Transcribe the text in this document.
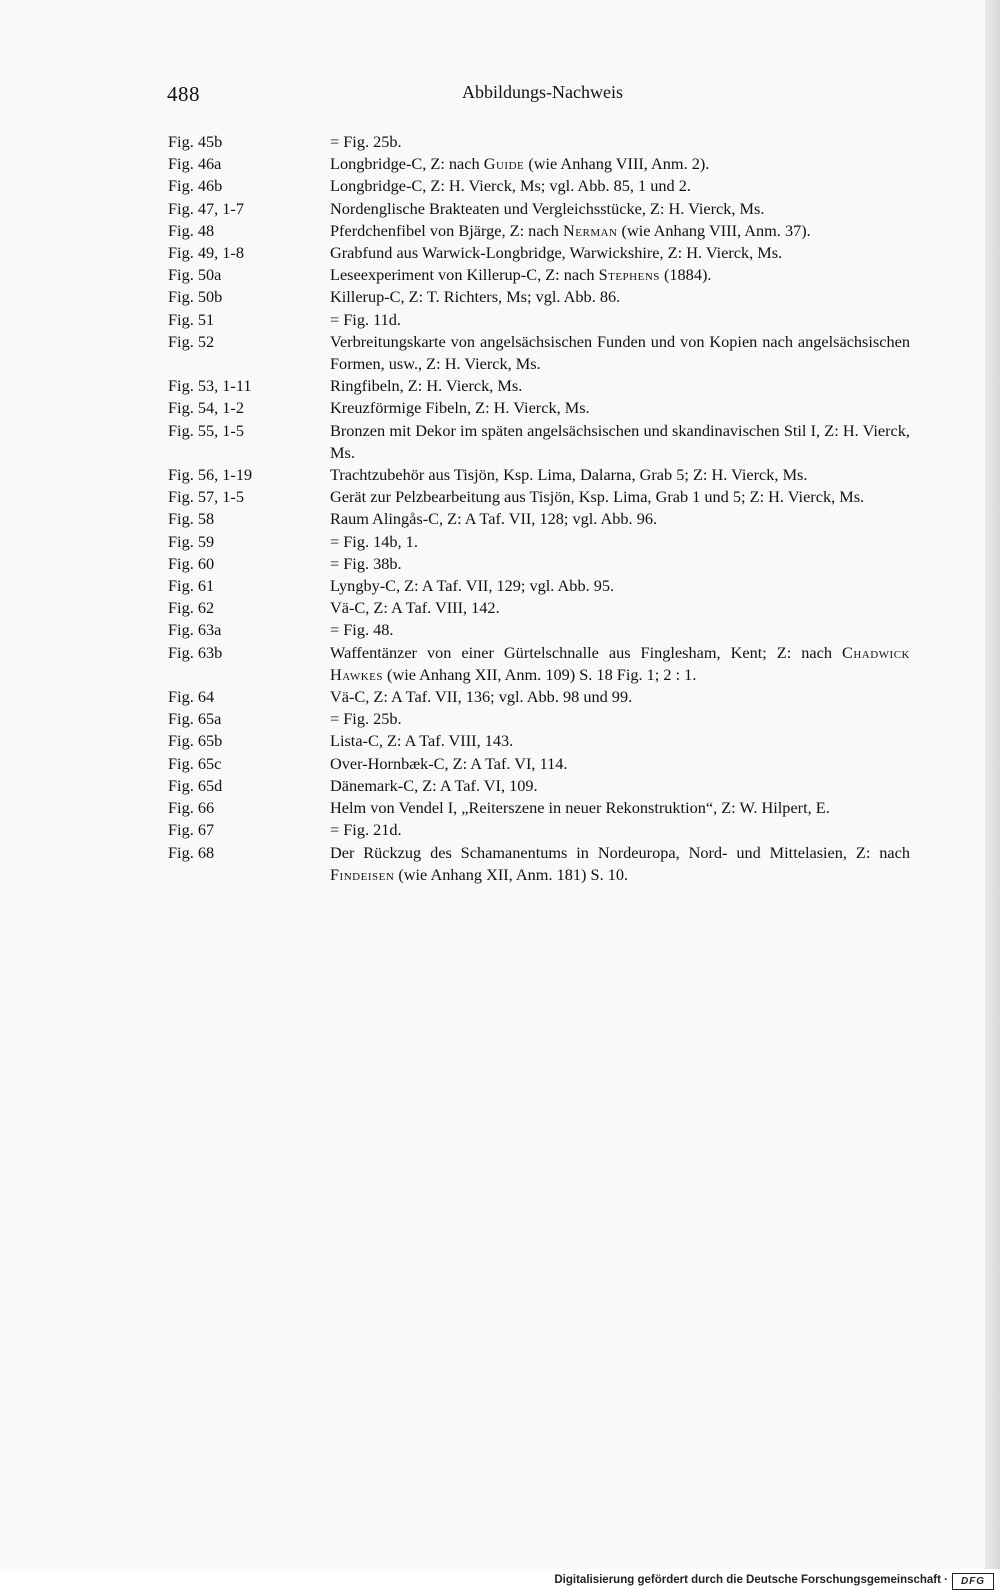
488	Abbildungs-Nachweis
Fig. 45b	= Fig. 25b.
Fig. 46a	Longbridge-C, Z: nach Guide (wie Anhang VIII, Anm. 2).
Fig. 46b	Longbridge-C, Z: H. Vierck, Ms; vgl. Abb. 85, 1 und 2.
Fig. 47, 1-7	Nordenglische Brakteaten und Vergleichsstücke, Z: H. Vierck, Ms.
Fig. 48	Pferdchenfibel von Bjärge, Z: nach Nerman (wie Anhang VIII, Anm. 37).
Fig. 49, 1-8	Grabfund aus Warwick-Longbridge, Warwickshire, Z: H. Vierck, Ms.
Fig. 50a	Leseexperiment von Killerup-C, Z: nach Stephens (1884).
Fig. 50b	Killerup-C, Z: T. Richters, Ms; vgl. Abb. 86.
Fig. 51	= Fig. 11d.
Fig. 52	Verbreitungskarte von angelsächsischen Funden und von Kopien nach angelsächsischen Formen, usw., Z: H. Vierck, Ms.
Fig. 53, 1-11	Ringfibeln, Z: H. Vierck, Ms.
Fig. 54, 1-2	Kreuzförmige Fibeln, Z: H. Vierck, Ms.
Fig. 55, 1-5	Bronzen mit Dekor im späten angelsächsischen und skandinavischen Stil I, Z: H. Vierck, Ms.
Fig. 56, 1-19	Trachtzubehör aus Tisjön, Ksp. Lima, Dalarna, Grab 5; Z: H. Vierck, Ms.
Fig. 57, 1-5	Gerät zur Pelzbearbeitung aus Tisjön, Ksp. Lima, Grab 1 und 5; Z: H. Vierck, Ms.
Fig. 58	Raum Alingås-C, Z: A Taf. VII, 128; vgl. Abb. 96.
Fig. 59	= Fig. 14b, 1.
Fig. 60	= Fig. 38b.
Fig. 61	Lyngby-C, Z: A Taf. VII, 129; vgl. Abb. 95.
Fig. 62	Vä-C, Z: A Taf. VIII, 142.
Fig. 63a	= Fig. 48.
Fig. 63b	Waffentänzer von einer Gürtelschnalle aus Finglesham, Kent; Z: nach Chadwick Hawkes (wie Anhang XII, Anm. 109) S. 18 Fig. 1; 2 : 1.
Fig. 64	Vä-C, Z: A Taf. VII, 136; vgl. Abb. 98 und 99.
Fig. 65a	= Fig. 25b.
Fig. 65b	Lista-C, Z: A Taf. VIII, 143.
Fig. 65c	Over-Hornbæk-C, Z: A Taf. VI, 114.
Fig. 65d	Dänemark-C, Z: A Taf. VI, 109.
Fig. 66	Helm von Vendel I, „Reiterszene in neuer Rekonstruktion“, Z: W. Hilpert, E.
Fig. 67	= Fig. 21d.
Fig. 68	Der Rückzug des Schamanentums in Nordeuropa, Nord- und Mittelasien, Z: nach Findeisen (wie Anhang XII, Anm. 181) S. 10.
Digitalisierung gefördert durch die Deutsche Forschungsgemeinschaft ·	DFG
